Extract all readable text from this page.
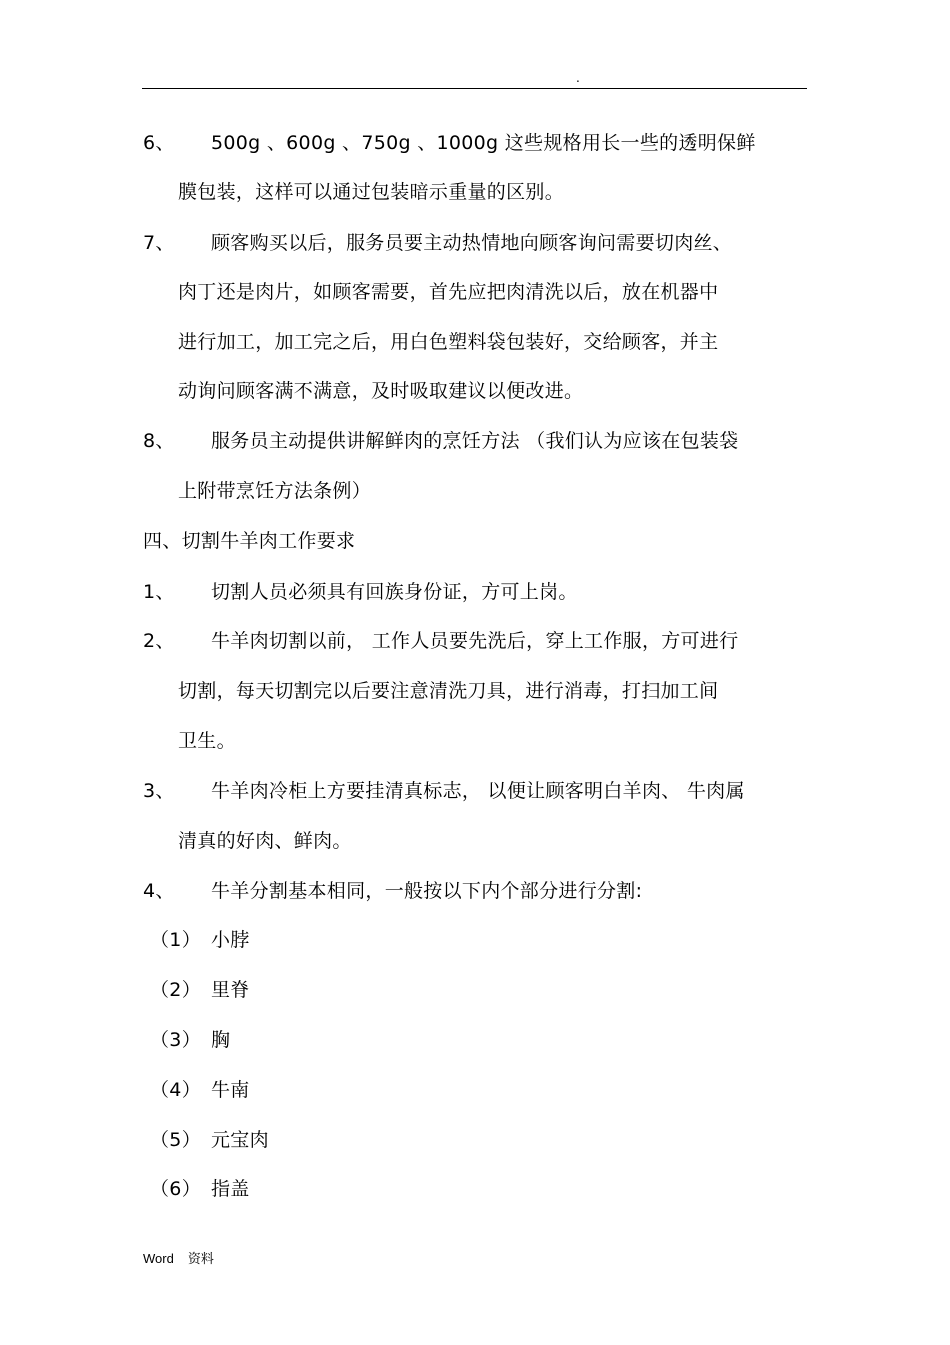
.
6、 500g 、600g 、750g 、1000g 这些规格用长一些的透明保鲜
膜包装，这样可以通过包装暗示重量的区别。
7、 顾客购买以后，服务员要主动热情地向顾客询问需要切肉丝、
肉丁还是肉片，如顾客需要，首先应把肉清洗以后，放在机器中
进行加工，加工完之后，用白色塑料袋包装好，交给顾客，并主
动询问顾客满不满意，及时吸取建议以便改进。
8、 服务员主动提供讲解鲜肉的烹饪方法 （我们认为应该在包装袋
上附带烹饪方法条例）
四、切割牛羊肉工作要求
1、 切割人员必须具有回族身份证，方可上岗。
2、 牛羊肉切割以前， 工作人员要先洗后，穿上工作服，方可进行
切割，每天切割完以后要注意清洗刀具，进行消毒，打扫加工间
卫生。
3、 牛羊肉冷柜上方要挂清真标志， 以便让顾客明白羊肉、 牛肉属
清真的好肉、鲜肉。
4、 牛羊分割基本相同，一般按以下内个部分进行分割:
（1） 小脖
（2） 里脊
（3） 胸
（4） 牛南
（5） 元宝肉
（6） 指盖
Word 资料
